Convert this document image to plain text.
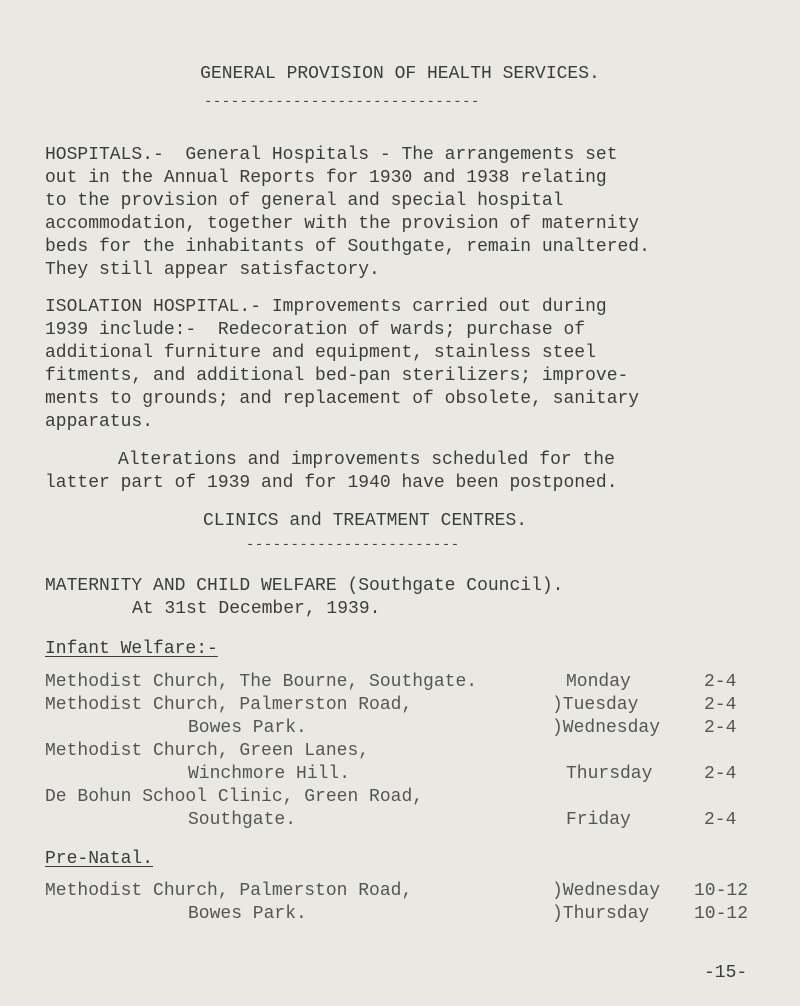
GENERAL PROVISION OF HEALTH SERVICES.
-------------------------------
HOSPITALS.-  General Hospitals - The arrangements set
out in the Annual Reports for 1930 and 1938 relating
to the provision of general and special hospital
accommodation, together with the provision of maternity
beds for the inhabitants of Southgate, remain unaltered.
They still appear satisfactory.
ISOLATION HOSPITAL.- Improvements carried out during
1939 include:-  Redecoration of wards; purchase of
additional furniture and equipment, stainless steel
fitments, and additional bed-pan sterilizers; improve-
ments to grounds; and replacement of obsolete, sanitary
apparatus.
Alterations and improvements scheduled for the
latter part of 1939 and for 1940 have been postponed.
CLINICS and TREATMENT CENTRES.
------------------------
MATERNITY AND CHILD WELFARE (Southgate Council).
At 31st December, 1939.
Infant Welfare:-
Methodist Church, The Bourne, Southgate.	Monday	2-4
Methodist Church, Palmerston Road,	)Tuesday	2-4
Bowes Park.	)Wednesday 2-4
Methodist Church, Green Lanes,
Winchmore Hill.	Thursday	2-4
De Bohun School Clinic, Green Road,
Southgate.	Friday	2-4
Pre-Natal.
Methodist Church, Palmerston Road,	)Wednesday 10-12
Bowes Park.	)Thursday 10-12
-15-
